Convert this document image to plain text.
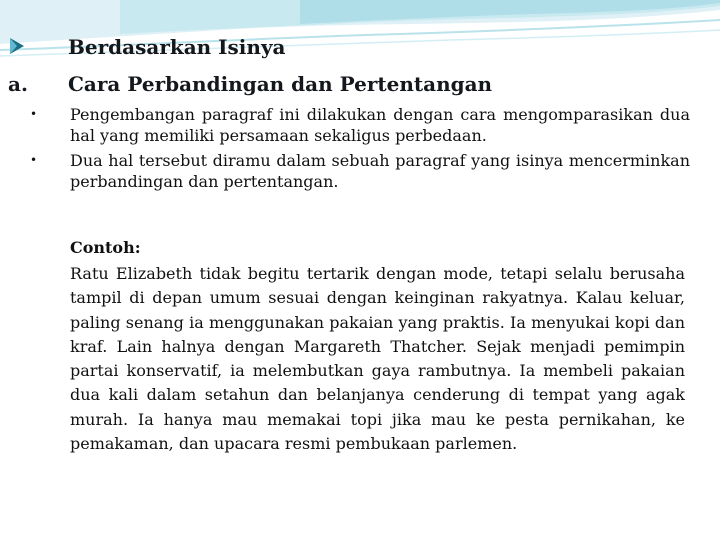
Berdasarkan Isinya
a. Cara Perbandingan dan Pertentangan
• Pengembangan paragraf ini dilakukan dengan cara mengomparasikan dua hal yang memiliki persamaan sekaligus perbedaan.
• Dua hal tersebut diramu dalam sebuah paragraf yang isinya mencerminkan perbandingan dan pertentangan.

Contoh:

Ratu Elizabeth tidak begitu tertarik dengan mode, tetapi selalu berusaha tampil di depan umum sesuai dengan keinginan rakyatnya. Kalau keluar, paling senang ia menggunakan pakaian yang praktis. Ia menyukai kopi dan kraf. Lain halnya dengan Margareth Thatcher. Sejak menjadi pemimpin partai konservatif, ia melembutkan gaya rambutnya. Ia membeli pakaian dua kali dalam setahun dan belanjanya cenderung di tempat yang agak murah. Ia hanya mau memakai topi jika mau ke pesta pernikahan, ke pemakaman, dan upacara resmi pembukaan parlemen.
